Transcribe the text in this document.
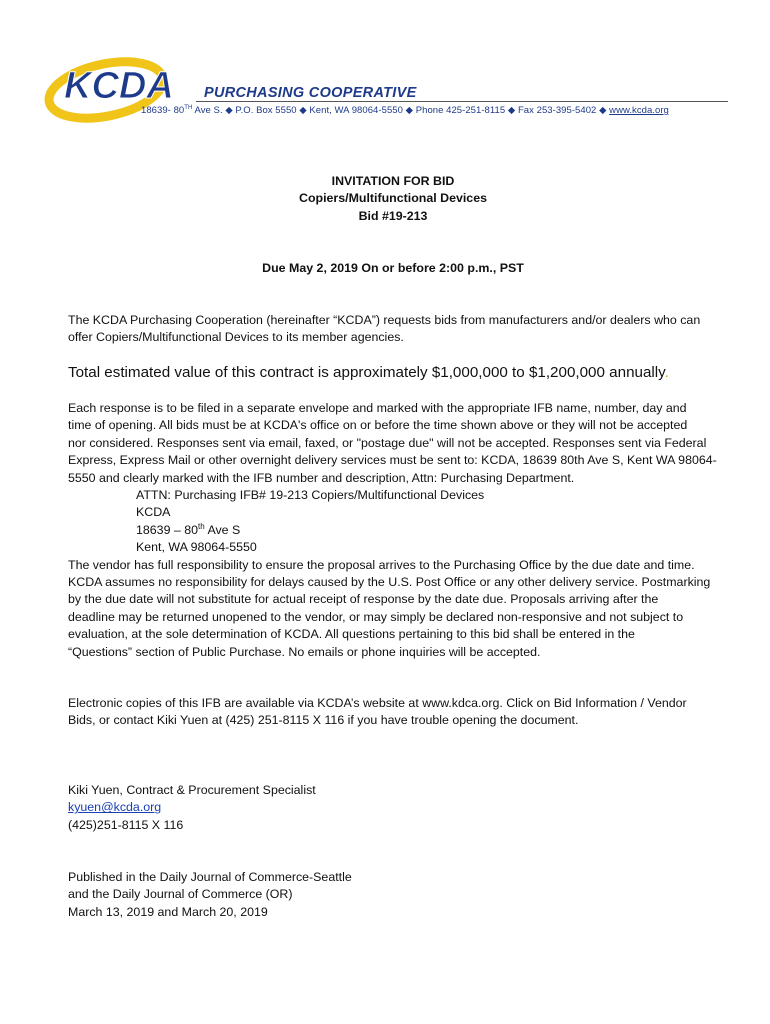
KCDA PURCHASING COOPERATIVE
18639- 80TH Ave S. ◆ P.O. Box 5550 ◆ Kent, WA 98064-5550 ◆ Phone 425-251-8115 ◆ Fax 253-395-5402 ◆ www.kcda.org
INVITATION FOR BID
Copiers/Multifunctional Devices
Bid #19-213
Due May 2, 2019 On or before 2:00 p.m., PST
The KCDA Purchasing Cooperation (hereinafter “KCDA”) requests bids from manufacturers and/or dealers who can
offer Copiers/Multifunctional Devices to its member agencies.
Total estimated value of this contract is approximately $1,000,000 to $1,200,000 annually.
Each response is to be filed in a separate envelope and marked with the appropriate IFB name, number, day and
time of opening. All bids must be at KCDA's office on or before the time shown above or they will not be accepted
nor considered. Responses sent via email, faxed, or "postage due" will not be accepted. Responses sent via Federal
Express, Express Mail or other overnight delivery services must be sent to: KCDA, 18639 80th Ave S, Kent WA 98064-
5550 and clearly marked with the IFB number and description, Attn: Purchasing Department.
ATTN: Purchasing IFB# 19-213 Copiers/Multifunctional Devices
KCDA
18639 – 80th Ave S
Kent, WA 98064-5550
The vendor has full responsibility to ensure the proposal arrives to the Purchasing Office by the due date and time.
KCDA assumes no responsibility for delays caused by the U.S. Post Office or any other delivery service. Postmarking
by the due date will not substitute for actual receipt of response by the date due. Proposals arriving after the
deadline may be returned unopened to the vendor, or may simply be declared non-responsive and not subject to
evaluation, at the sole determination of KCDA. All questions pertaining to this bid shall be entered in the
“Questions” section of Public Purchase. No emails or phone inquiries will be accepted.
Electronic copies of this IFB are available via KCDA’s website at www.kdca.org. Click on Bid Information / Vendor
Bids, or contact Kiki Yuen at (425) 251-8115 X 116 if you have trouble opening the document.
Kiki Yuen, Contract & Procurement Specialist
kyuen@kcda.org
(425)251-8115 X 116
Published in the Daily Journal of Commerce-Seattle
and the Daily Journal of Commerce (OR)
March 13, 2019 and March 20, 2019
